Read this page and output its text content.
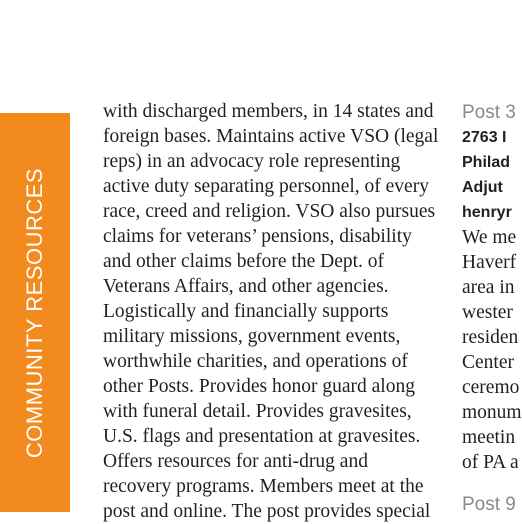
COMMUNITY RESOURCES
with discharged members, in 14 states and
foreign bases. Maintains active VSO (legal
reps) in an advocacy role representing
active duty separating personnel, of every
race, creed and religion. VSO also pursues
claims for veterans’ pensions, disability
and other claims before the Dept. of
Veterans Affairs, and other agencies.
Logistically and financially supports
military missions, government events,
worthwhile charities, and operations of
other Posts. Provides honor guard along
with funeral detail. Provides gravesites,
U.S. flags and presentation at gravesites.
Offers resources for anti-drug and
recovery programs. Members meet at the
post and online. The post provides special
Post 3
2763 I
Philad
Adjut
henryr
We me
Haverf
area in
wester
residen
Center
ceremo
monum
meetin
of PA a
Post 9
